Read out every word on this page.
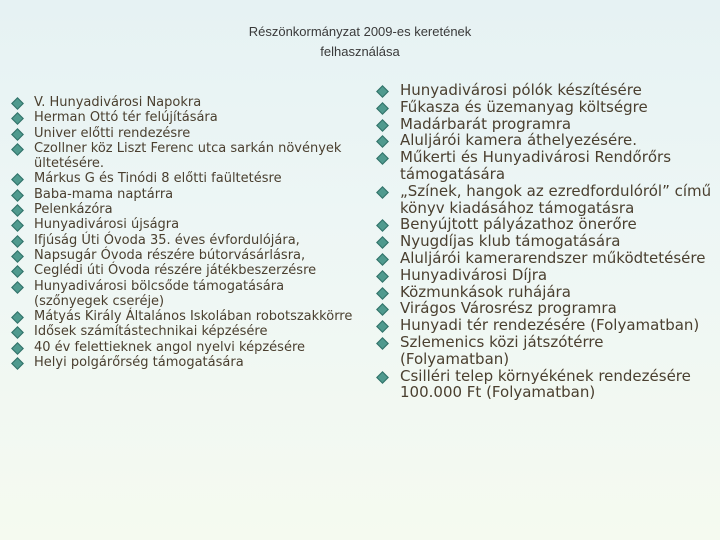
Részönkormányzat 2009-es keretének
felhasználása
V. Hunyadivárosi Napokra
Herman Ottó tér felújítására
Univer előtti rendezésre
Czollner köz Liszt Ferenc utca sarkán növények ültetésére.
Márkus G és Tinódi 8 előtti faültetésre
Baba-mama naptárra
Pelenkázóra
Hunyadivárosi újságra
Ifjúság Úti Óvoda 35. éves évfordulójára,
Napsugár Óvoda részére bútorvásárlásra,
Ceglédi úti Óvoda részére játékbeszerzésre
Hunyadivárosi bölcsőde támogatására (szőnyegek cseréje)
Mátyás Király Általános Iskolában robotszakkörre
Idősek számítástechnikai képzésére
40 év felettieknek angol nyelvi képzésére
Helyi polgárőrség támogatására
Hunyadivárosi pólók készítésére
Fűkasza és üzemanyag költségre
Madárbarát programra
Aluljárói kamera áthelyezésére.
Műkerti és Hunyadivárosi Rendőrőrs támogatására
„Színek, hangok az ezredfordulóról” című könyv kiadásához támogatásra
Benyújtott pályázathoz önerőre
Nyugdíjas klub támogatására
Aluljárói kamerarendszer működtetésére
Hunyadivárosi Díjra
Közmunkások ruhájára
Virágos Városrész programra
Hunyadi tér rendezésére (Folyamatban)
Szlemenics közi játszótérre (Folyamatban)
Csilléri telep környékének rendezésére 100.000 Ft (Folyamatban)
